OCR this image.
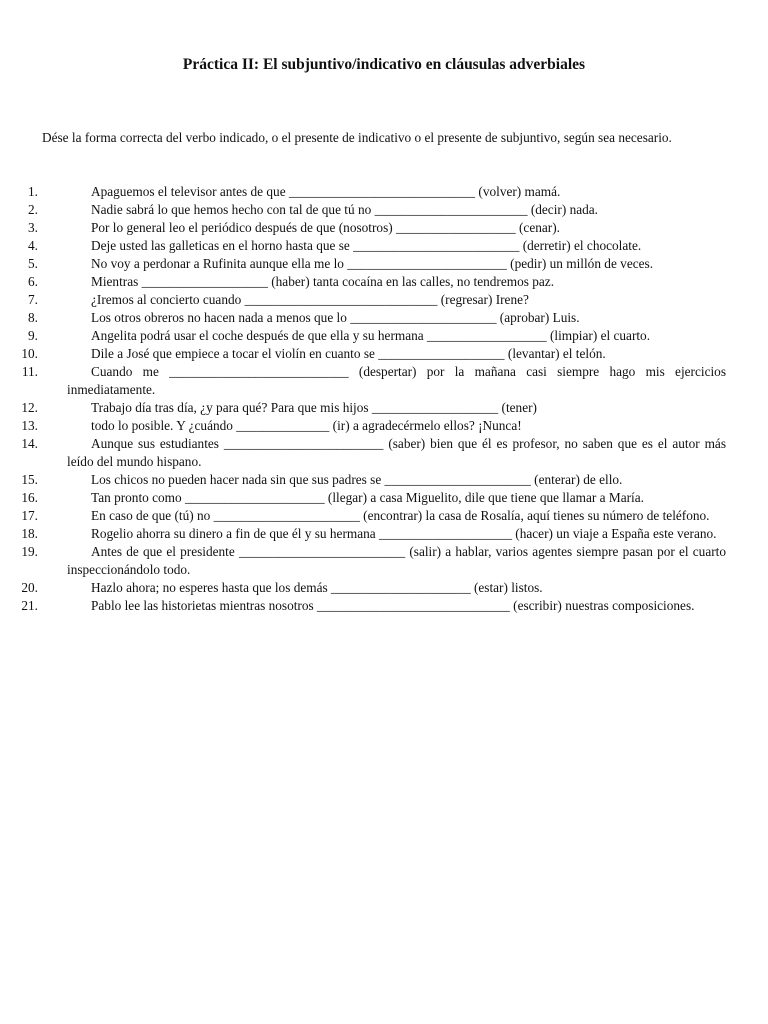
Práctica II: El subjuntivo/indicativo en cláusulas adverbiales
Dése la forma correcta del verbo indicado, o el presente de indicativo o el presente de subjuntivo, según sea necesario.
1.	Apaguemos el televisor antes de que ____________________________ (volver) mamá.
2.	Nadie sabrá lo que hemos hecho con tal de que tú no _______________________ (decir) nada.
3.	Por lo general leo el periódico después de que (nosotros) __________________ (cenar).
4.	Deje usted las galleticas en el horno hasta que se _________________________ (derretir) el chocolate.
5.	No voy a perdonar a Rufinita aunque ella me lo ________________________ (pedir) un millón de veces.
6.	Mientras ___________________ (haber) tanta cocaína en las calles, no tendremos paz.
7.	¿Iremos al concierto cuando _____________________________ (regresar) Irene?
8.	Los otros obreros no hacen nada a menos que lo ______________________ (aprobar) Luis.
9.	Angelita podrá usar el coche después de que ella y su hermana __________________ (limpiar) el cuarto.
10.	Dile a José que empiece a tocar el violín en cuanto se ___________________ (levantar) el telón.
11.	Cuando me ___________________________ (despertar) por la mañana casi siempre hago mis ejercicios inmediatamente.
12.	Trabajo día tras día, ¿y para qué? Para que mis hijos ___________________ (tener)
13.	todo lo posible. Y ¿cuándo ______________ (ir) a agradecérmelo ellos? ¡Nunca!
14.	Aunque sus estudiantes ________________________ (saber) bien que él es profesor, no saben que es el autor más leído del mundo hispano.
15.	Los chicos no pueden hacer nada sin que sus padres se ______________________ (enterar) de ello.
16.	Tan pronto como _____________________ (llegar) a casa Miguelito, dile que tiene que llamar a María.
17.	En caso de que (tú) no ______________________ (encontrar) la casa de Rosalía, aquí tienes su número de teléfono.
18.	Rogelio ahorra su dinero a fin de que él y su hermana ____________________ (hacer) un viaje a España este verano.
19.	Antes de que el presidente _________________________ (salir) a hablar, varios agentes siempre pasan por el cuarto inspeccionándolo todo.
20.	Hazlo ahora; no esperes hasta que los demás _____________________ (estar) listos.
21.	Pablo lee las historietas mientras nosotros _____________________________ (escribir) nuestras composiciones.
